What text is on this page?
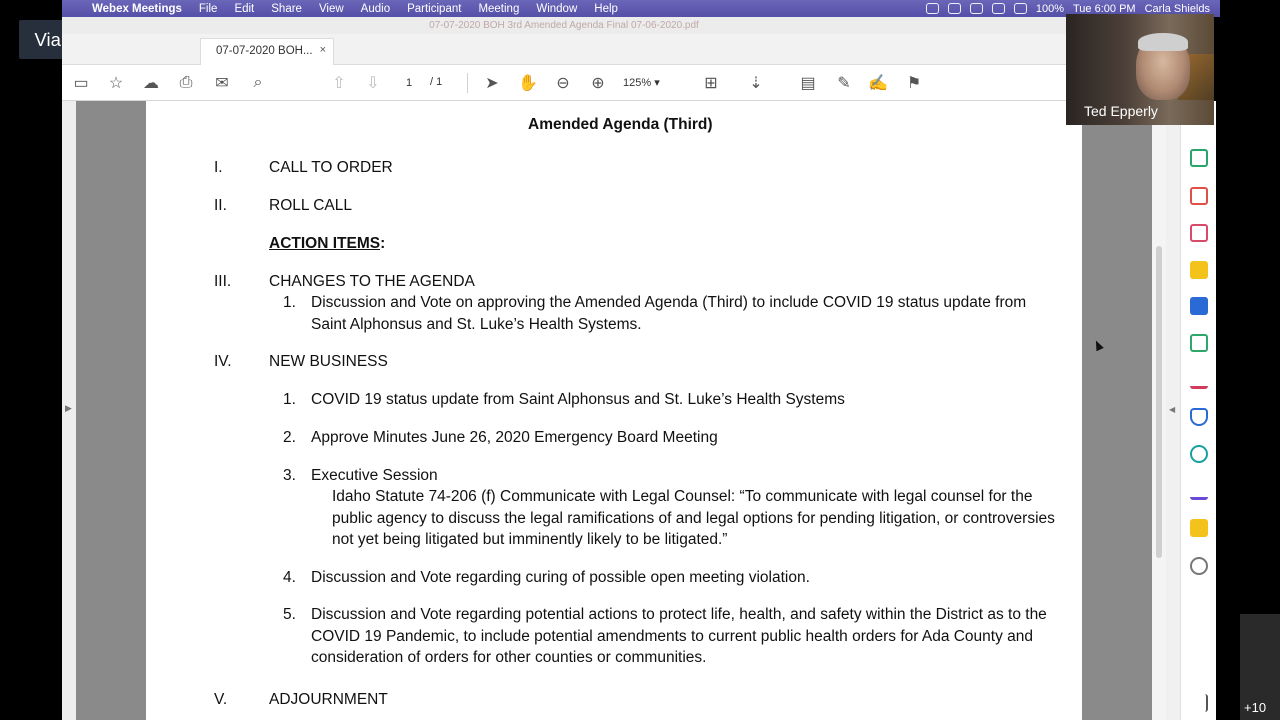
Webex Meetings File Edit Share View Audio Participant Meeting Window Help	100% Tue 6:00 PM Carla Shields
Via
07-07-2020 BOH 3rd Amended Agenda Final 07-06-2020.pdf
07-07-2020 BOH... ×
▭ ☆ ☁ ⎙ ✉	⌕	⇧ ⇩	1	/ 1	➤ ✋ ⊖ ⊕ 125% ▾	⊞ ⇣ ▤ ✎ ✍ ⚑
▶
Amended Agenda (Third)
I.	CALL TO ORDER
II.	ROLL CALL
ACTION ITEMS:
III. CHANGES TO THE AGENDA
1. Discussion and Vote on approving the Amended Agenda (Third) to include COVID 19 status update from
Saint Alphonsus and St. Luke’s Health Systems.
IV. NEW BUSINESS
1. COVID 19 status update from Saint Alphonsus and St. Luke’s Health Systems
2. Approve Minutes June 26, 2020 Emergency Board Meeting
3. Executive Session
Idaho Statute 74-206 (f) Communicate with Legal Counsel: “To communicate with legal counsel for the
public agency to discuss the legal ramifications of and legal options for pending litigation, or controversies
not yet being litigated but imminently likely to be litigated.”
4. Discussion and Vote regarding curing of possible open meeting violation.
5. Discussion and Vote regarding potential actions to protect life, health, and safety within the District as to the
COVID 19 Pandemic, to include potential amendments to current public health orders for Ada County and
consideration of orders for other counties or communities.
V.	ADJOURNMENT
◀
Ted Epperly
+10
